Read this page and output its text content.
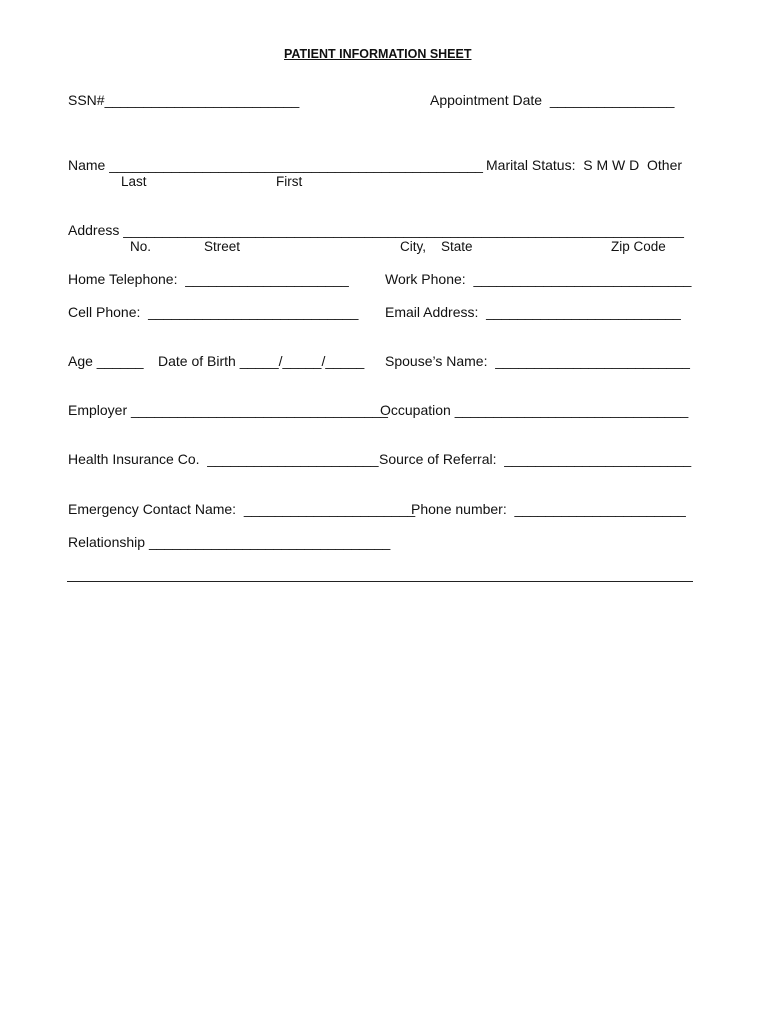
PATIENT INFORMATION SHEET
SSN#_________________________	Appointment Date  ________________
Name ________________________________________________ Marital Status:  S M W D  Other
Last	First
Address ________________________________________________________________________
No.	Street	City,    State	Zip Code
Home Telephone:  _____________________	Work Phone:  ____________________________
Cell Phone:  ___________________________ Email Address:  _________________________
Age ______ Date of Birth _____/_____/_____ Spouse’s Name:  _________________________
Employer _________________________________
Occupation ______________________________
Health Insurance Co.  ______________________ Source of Referral:  ________________________
Emergency Contact Name:  ______________________
Phone number:  ______________________
Relationship _______________________________
